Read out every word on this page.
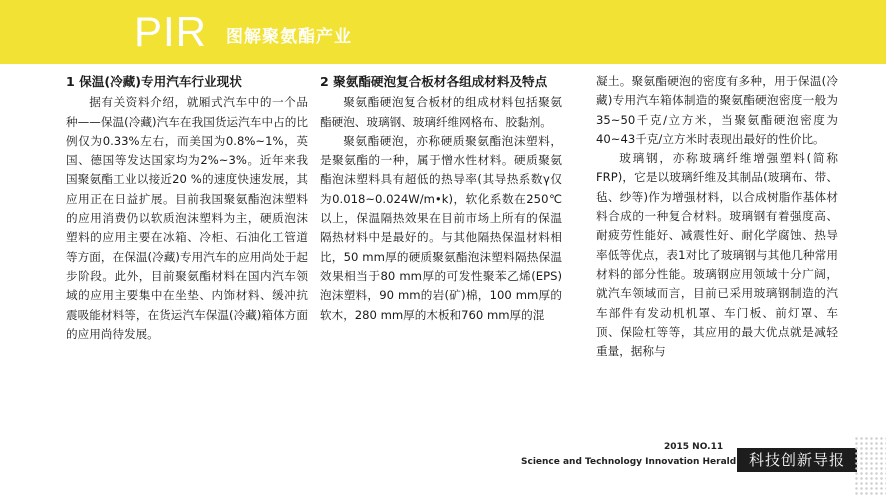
PIR 图解聚氨酯产业
1 保温(冷藏)专用汽车行业现状

据有关资料介绍，就厢式汽车中的一个品种——保温(冷藏)汽车在我国货运汽车中占的比例仅为0.33%左右，而美国为0.8%~1%，英国、德国等发达国家均为2%~3%。近年来我国聚氨酯工业以接近20 %的速度快速发展，其应用正在日益扩展。目前我国聚氨酯泡沫塑料的应用消费仍以软质泡沫塑料为主，硬质泡沫塑料的应用主要在冰箱、冷柜、石油化工管道等方面，在保温(冷藏)专用汽车的应用尚处于起步阶段。此外，目前聚氨酯材料在国内汽车领域的应用主要集中在坐垫、内饰材料、缓冲抗震吸能材料等，在货运汽车保温(冷藏)箱体方面的应用尚待发展。

2 聚氨酯硬泡复合板材各组成材料及特点

聚氨酯硬泡复合板材的组成材料包括聚氨酯硬泡、玻璃钢、玻璃纤维网格布、胶黏剂。

聚氨酯硬泡，亦称硬质聚氨酯泡沫塑料，是聚氨酯的一种，属于憎水性材料。硬质聚氨酯泡沫塑料具有超低的热导率(其导热系数γ仅为0.018~0.024W/m•k)，软化系数在250℃以上，保温隔热效果在目前市场上所有的保温隔热材料中是最好的。与其他隔热保温材料相比，50 mm厚的硬质聚氨酯泡沫塑料隔热保温效果相当于80 mm厚的可发性聚苯乙烯(EPS)泡沫塑料，90 mm的岩(矿)棉，100 mm厚的软木，280 mm厚的木板和760 mm厚的混

凝土。聚氨酯硬泡的密度有多种，用于保温(冷藏)专用汽车箱体制造的聚氨酯硬泡密度一般为35~50千克/立方米，当聚氨酯硬泡密度为40~43千克/立方米时表现出最好的性价比。

玻璃钢，亦称玻璃纤维增强塑料(简称FRP)，它是以玻璃纤维及其制品(玻璃布、带、毡、纱等)作为增强材料，以合成树脂作基体材料合成的一种复合材料。玻璃钢有着强度高、耐疲劳性能好、减震性好、耐化学腐蚀、热导率低等优点，表1对比了玻璃钢与其他几种常用材料的部分性能。玻璃钢应用领域十分广阔，就汽车领域而言，目前已采用玻璃钢制造的汽车部件有发动机机罩、车门板、前灯罩、车顶、保险杠等等，其应用的最大优点就是减轻重量，据称与

2015 NO.11
Science and Technology Innovation Herald 科技创新导报
